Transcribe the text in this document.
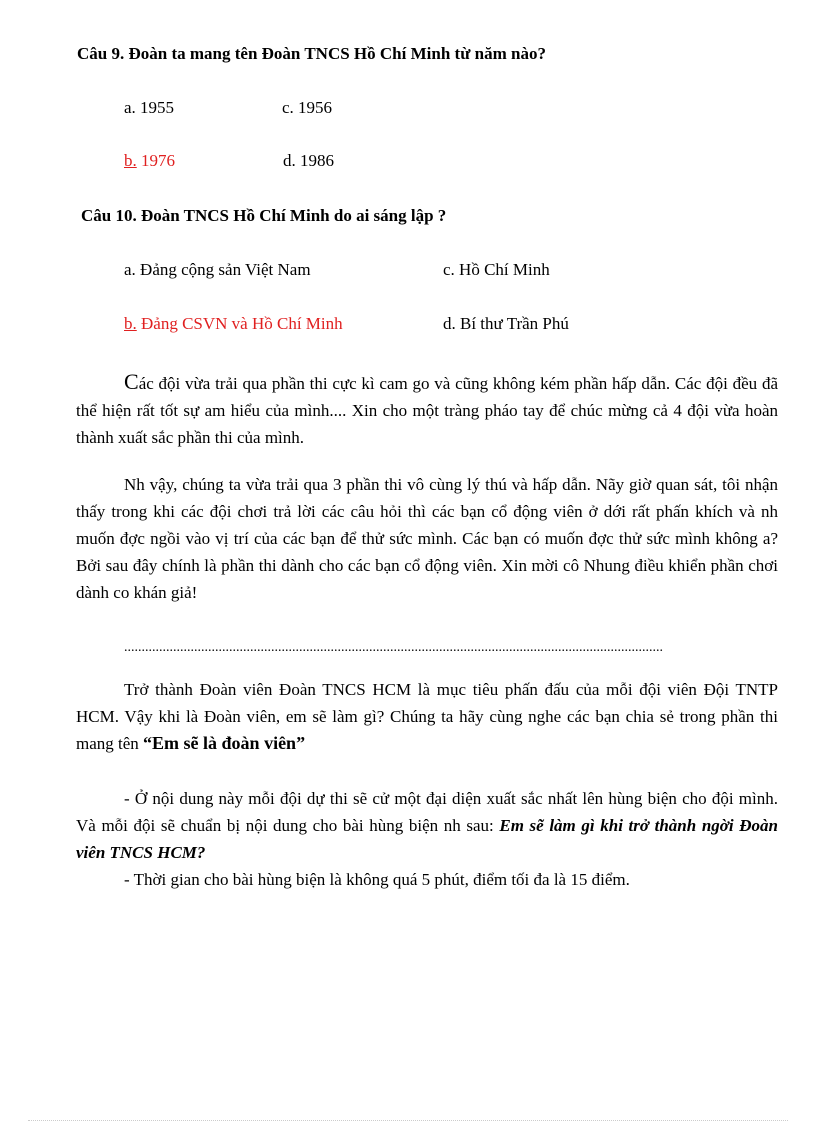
Câu 9. Đoàn ta mang tên Đoàn TNCS Hồ Chí Minh từ năm nào?
a. 1955	c. 1956
b. 1976	d. 1986
Câu 10. Đoàn TNCS Hồ Chí Minh do ai sáng lập ?
a. Đảng cộng sản Việt Nam	c. Hồ Chí Minh
b. Đảng CSVN và Hồ Chí Minh	d. Bí thư Trần Phú

Các đội vừa trải qua phần thi cực kì cam go và cũng không kém phần hấp dẫn. Các đội đều đã thể hiện rất tốt sự am hiểu của mình.... Xin cho một tràng pháo tay để chúc mừng cả 4 đội vừa hoàn thành xuất sắc phần thi của mình.

Nh vậy, chúng ta vừa trải qua 3 phần thi vô cùng lý thú và hấp dẫn. Nãy giờ quan sát, tôi nhận thấy trong khi các đội chơi trả lời các câu hỏi thì các bạn cổ động viên ở dới rất phấn khích và nh muốn đợc ngồi vào vị trí của các bạn để thử sức mình. Các bạn có muốn đợc thử sức mình không a? Bởi sau đây chính là phần thi dành cho các bạn cổ động viên. Xin mời cô Nhung điều khiển phần chơi dành co khán giả!

..........................................................................................................................................................

Trở thành Đoàn viên Đoàn TNCS HCM là mục tiêu phấn đấu của mỗi đội viên Đội TNTP HCM. Vậy khi là Đoàn viên, em sẽ làm gì? Chúng ta hãy cùng nghe các bạn chia sẻ trong phần thi mang tên “Em sẽ là đoàn viên”

- Ở nội dung này mỗi đội dự thi sẽ cử một đại diện xuất sắc nhất lên hùng biện cho đội mình. Và mỗi đội sẽ chuẩn bị nội dung cho bài hùng biện nh sau: Em sẽ làm gì khi trở thành ngời Đoàn viên TNCS HCM?

- Thời gian cho bài hùng biện là không quá 5 phút, điểm tối đa là 15 điểm.
